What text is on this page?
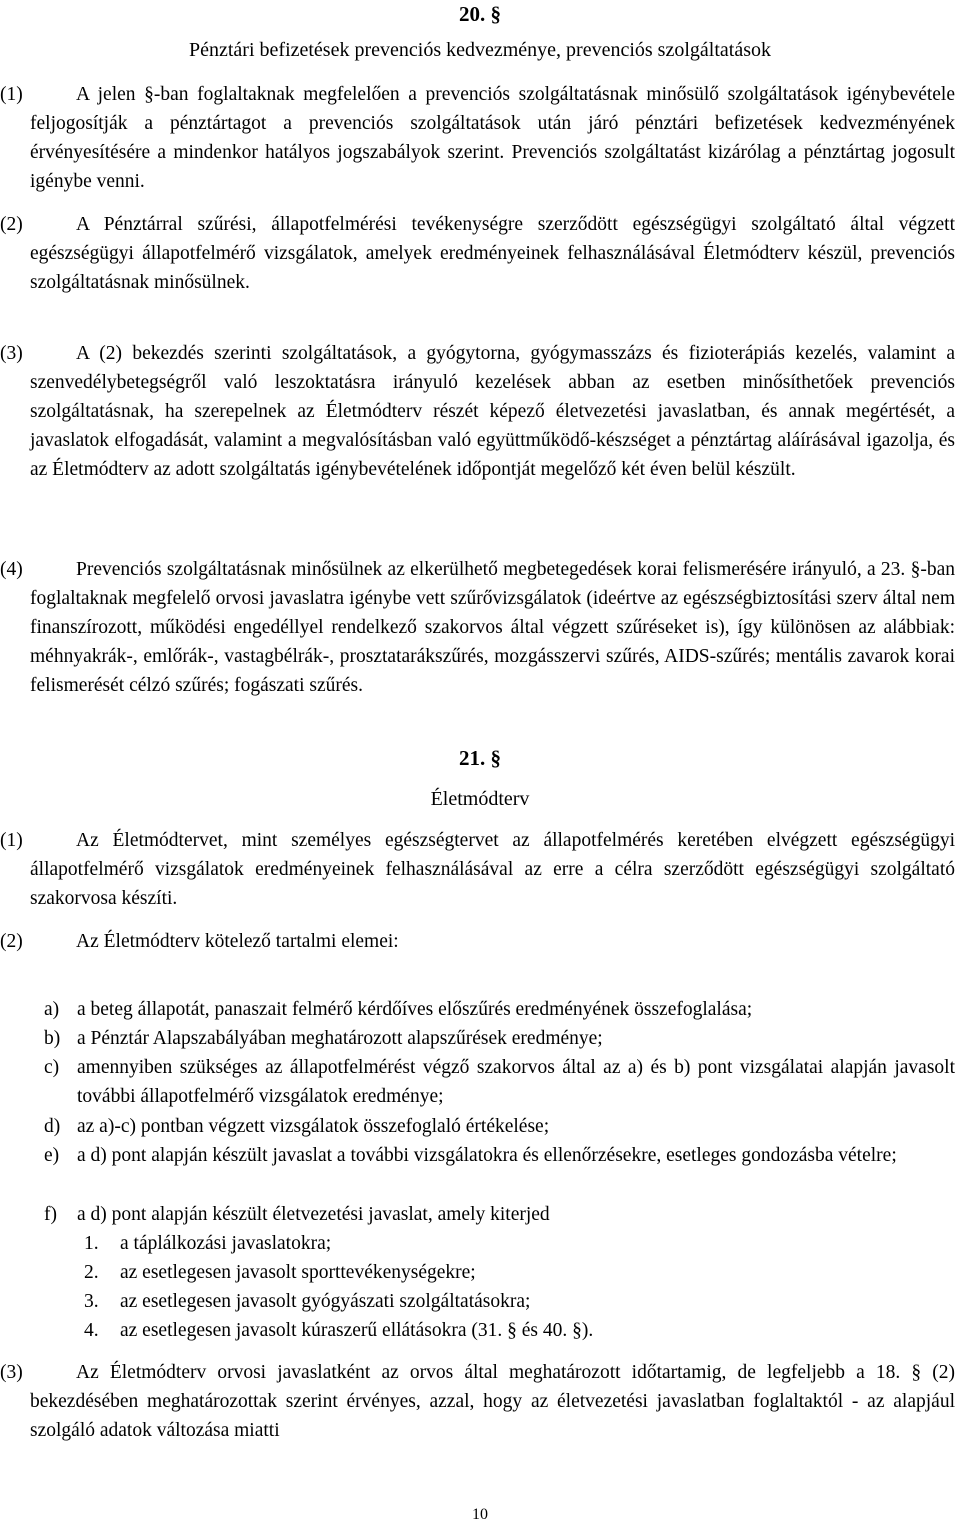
20. §
Pénztári befizetések prevenciós kedvezménye, prevenciós szolgáltatások
(1)	A jelen §-ban foglaltaknak megfelelően a prevenciós szolgáltatásnak minősülő szolgáltatások igénybevétele feljogosítják a pénztártagot a prevenciós szolgáltatások után járó pénztári befizetések kedvezményének érvényesítésére a mindenkor hatályos jogszabályok szerint. Prevenciós szolgáltatást kizárólag a pénztártag jogosult igénybe venni.
(2)	A Pénztárral szűrési, állapotfelmérési tevékenységre szerződött egészségügyi szolgáltató által végzett egészségügyi állapotfelmérő vizsgálatok, amelyek eredményeinek felhasználásával Életmódterv készül, prevenciós szolgáltatásnak minősülnek.
(3)	A (2) bekezdés szerinti szolgáltatások, a gyógytorna, gyógymasszázs és fizioterápiás kezelés, valamint a szenvedélybetegségről való leszoktatásra irányuló kezelések abban az esetben minősíthetőek prevenciós szolgáltatásnak, ha szerepelnek az Életmódterv részét képező életvezetési javaslatban, és annak megértését, a javaslatok elfogadását, valamint a megvalósításban való együttműködő-készséget a pénztártag aláírásával igazolja, és az Életmódterv az adott szolgáltatás igénybevételének időpontját megelőző két éven belül készült.
(4)	Prevenciós szolgáltatásnak minősülnek az elkerülhető megbetegedések korai felismerésére irányuló, a 23. §-ban foglaltaknak megfelelő orvosi javaslatra igénybe vett szűrővizsgálatok (ideértve az egészségbiztosítási szerv által nem finanszírozott, működési engedéllyel rendelkező szakorvos által végzett szűréseket is), így különösen az alábbiak: méhnyakrák-, emlőrák-, vastagbélrák-, prosztatarákszűrés, mozgásszervi szűrés, AIDS-szűrés; mentális zavarok korai felismerését célzó szűrés; fogászati szűrés.
21. §
Életmódterv
(1)	Az Életmódtervet, mint személyes egészségtervet az állapotfelmérés keretében elvégzett egészségügyi állapotfelmérő vizsgálatok eredményeinek felhasználásával az erre a célra szerződött egészségügyi szolgáltató szakorvosa készíti.
(2)	Az Életmódterv kötelező tartalmi elemei:
a) a beteg állapotát, panaszait felmérő kérdőíves előszűrés eredményének összefoglalása;
b) a Pénztár Alapszabályában meghatározott alapszűrések eredménye;
c) amennyiben szükséges az állapotfelmérést végző szakorvos által az a) és b) pont vizsgálatai alapján javasolt további állapotfelmérő vizsgálatok eredménye;
d) az a)-c) pontban végzett vizsgálatok összefoglaló értékelése;
e) a d) pont alapján készült javaslat a további vizsgálatokra és ellenőrzésekre, esetleges gondozásba vételre;
f) a d) pont alapján készült életvezetési javaslat, amely kiterjed
1. a táplálkozási javaslatokra;
2. az esetlegesen javasolt sporttevékenységekre;
3. az esetlegesen javasolt gyógyászati szolgáltatásokra;
4. az esetlegesen javasolt kúraszerű ellátásokra (31. § és 40. §).
(3)	Az Életmódterv orvosi javaslatként az orvos által meghatározott időtartamig, de legfeljebb a 18. § (2) bekezdésében meghatározottak szerint érvényes, azzal, hogy az életvezetési javaslatban foglaltaktól - az alapjául szolgáló adatok változása miatti
10
